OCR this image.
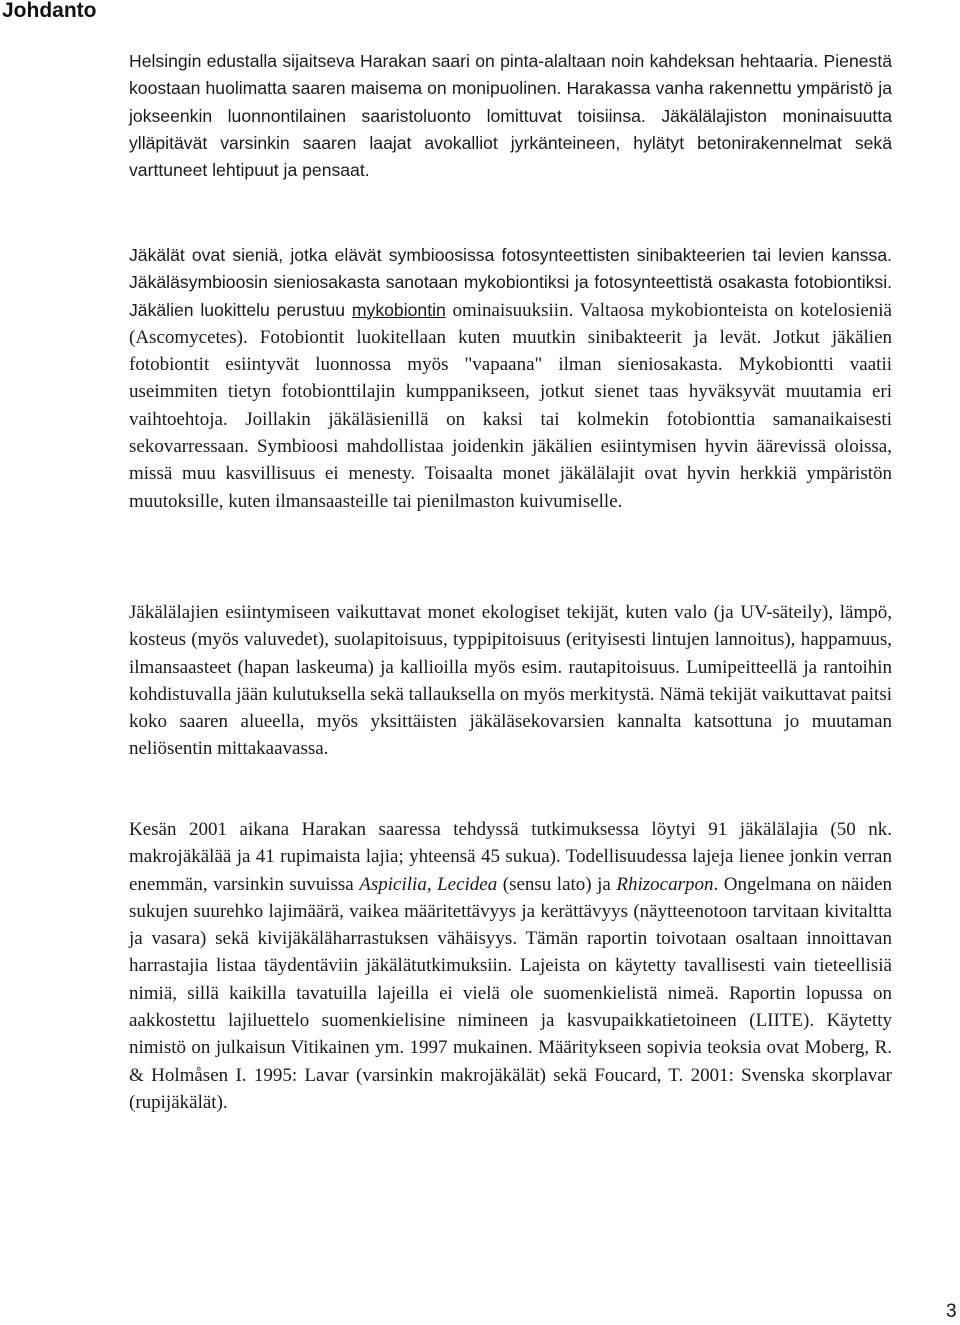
Johdanto

Helsingin edustalla sijaitseva Harakan saari on pinta-alaltaan noin kahdeksan hehtaaria. Pienestä koostaan huolimatta saaren maisema on monipuolinen. Harakassa vanha rakennettu ympäristö ja jokseenkin luonnontilainen saaristoluonto lomittuvat toisiinsa. Jäkälälajiston moninaisuutta ylläpitävät varsinkin saaren laajat avokalliot jyrkänteineen, hylätyt betonirakennelmat sekä varttuneet lehtipuut ja pensaat.

Jäkälät ovat sieniä, jotka elävät symbioosissa fotosynteettisten sinibakteerien tai levien kanssa. Jäkäläsymbioosin sieniosakasta sanotaan mykobiontiksi ja fotosynteettistä osakasta fotobiontiksi. Jäkälien luokittelu perustuu mykobiontin ominaisuuksiin. Valtaosa mykobionteista on kotelosieniä (Ascomycetes). Fotobiontit luokitellaan kuten muutkin sinibakteerit ja levät. Jotkut jäkälien fotobiontit esiintyvät luonnossa myös "vapaana" ilman sieniosakasta. Mykobiontti vaatii useimmiten tietyn fotobionttilajin kumppanikseen, jotkut sienet taas hyväksyvät muutamia eri vaihtoehtoja. Joillakin jäkäläsienillä on kaksi tai kolmekin fotobionttia samanaikaisesti sekovarressaan. Symbioosi mahdollistaa joidenkin jäkälien esiintymisen hyvin äärevissä oloissa, missä muu kasvillisuus ei menesty. Toisaalta monet jäkälälajit ovat hyvin herkkiä ympäristön muutoksille, kuten ilmansaasteille tai pienilmaston kuivumiselle.

Jäkälälajien esiintymiseen vaikuttavat monet ekologiset tekijät, kuten valo (ja UV-säteily), lämpö, kosteus (myös valuvedet), suolapitoisuus, typpipitoisuus (erityisesti lintujen lannoitus), happamuus, ilmansaasteet (hapan laskeuma) ja kallioilla myös esim. rautapitoisuus. Lumipeitteellä ja rantoihin kohdistuvalla jään kulutuksella sekä tallauksella on myös merkitystä. Nämä tekijät vaikuttavat paitsi koko saaren alueella, myös yksittäisten jäkäläsekovarsien kannalta katsottuna jo muutaman neliösentin mittakaavassa.

Kesän 2001 aikana Harakan saaressa tehdyssä tutkimuksessa löytyi 91 jäkälälajia (50 nk. makrojäkälää ja 41 rupimaista lajia; yhteensä 45 sukua). Todellisuudessa lajeja lienee jonkin verran enemmän, varsinkin suvuissa Aspicilia, Lecidea (sensu lato) ja Rhizocarpon. Ongelmana on näiden sukujen suurehko lajimäärä, vaikea määritettävyys ja kerättävyys (näytteenotoon tarvitaan kivitaltta ja vasara) sekä kivijäkäläharrastuksen vähäisyys. Tämän raportin toivotaan osaltaan innoittavan harrastajia listaa täydentäviin jäkälätutkimuksiin. Lajeista on käytetty tavallisesti vain tieteellisiä nimiä, sillä kaikilla tavatuilla lajeilla ei vielä ole suomenkielistä nimeä. Raportin lopussa on aakkostettu lajiluettelo suomenkielisine nimineen ja kasvupaikkatietoineen (LIITE). Käytetty nimistö on julkaisun Vitikainen ym. 1997 mukainen. Määritykseen sopivia teoksia ovat Moberg, R. & Holmåsen I. 1995: Lavar (varsinkin makrojäkälät) sekä Foucard, T. 2001: Svenska skorplavar (rupijäkälät).

3
